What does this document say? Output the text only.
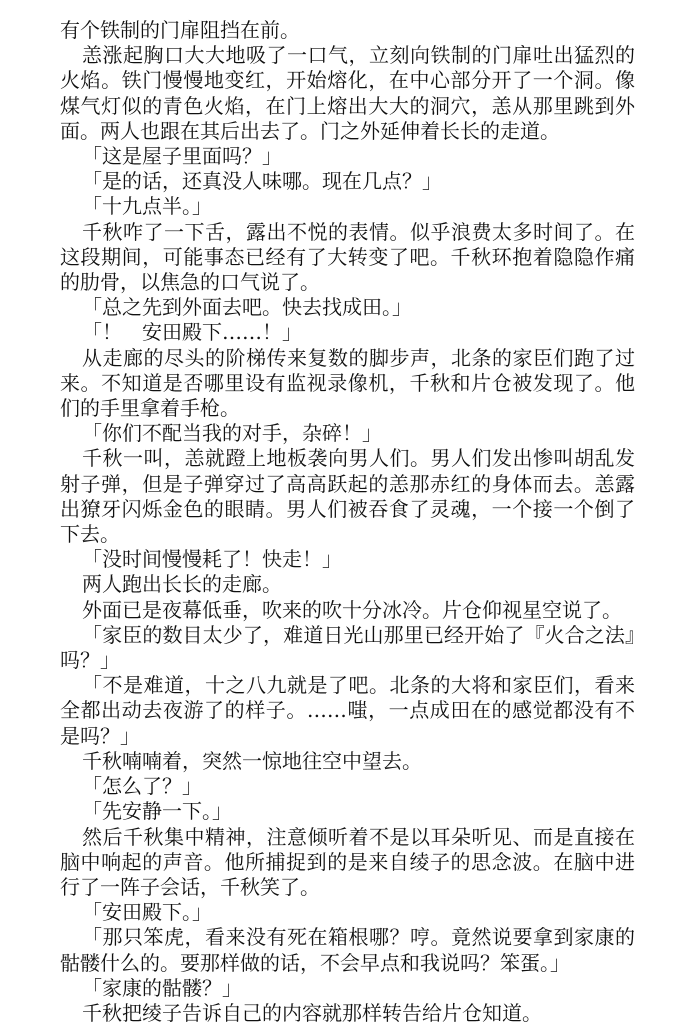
有个铁制的门扉阻挡在前。

恙涨起胸口大大地吸了一口气，立刻向铁制的门扉吐出猛烈的火焰。铁门慢慢地变红，开始熔化，在中心部分开了一个洞。像煤气灯似的青色火焰，在门上熔出大大的洞穴，恙从那里跳到外面。两人也跟在其后出去了。门之外延伸着长长的走道。

「这是屋子里面吗？」

「是的话，还真没人味哪。现在几点？」

「十九点半。」

千秋咋了一下舌，露出不悦的表情。似乎浪费太多时间了。在这段期间，可能事态已经有了大转变了吧。千秋环抱着隐隐作痛的肋骨，以焦急的口气说了。

「总之先到外面去吧。快去找成田。」

「！　安田殿下……！」

从走廊的尽头的阶梯传来复数的脚步声，北条的家臣们跑了过来。不知道是否哪里设有监视录像机，千秋和片仓被发现了。他们的手里拿着手枪。

「你们不配当我的对手，杂碎！」

千秋一叫，恙就蹬上地板袭向男人们。男人们发出惨叫胡乱发射子弹，但是子弹穿过了高高跃起的恙那赤红的身体而去。恙露出獠牙闪烁金色的眼睛。男人们被吞食了灵魂，一个接一个倒了下去。

「没时间慢慢耗了！快走！」

两人跑出长长的走廊。

外面已是夜幕低垂，吹来的吹十分冰冷。片仓仰视星空说了。

「家臣的数目太少了，难道日光山那里已经开始了『火合之法』吗？」

「不是难道，十之八九就是了吧。北条的大将和家臣们，看来全都出动去夜游了的样子。……嗤，一点成田在的感觉都没有不是吗？」

千秋喃喃着，突然一惊地往空中望去。

「怎么了？」

「先安静一下。」

然后千秋集中精神，注意倾听着不是以耳朵听见、而是直接在脑中响起的声音。他所捕捉到的是来自绫子的思念波。在脑中进行了一阵子会话，千秋笑了。

「安田殿下。」

「那只笨虎，看来没有死在箱根哪？哼。竟然说要拿到家康的骷髅什么的。要那样做的话，不会早点和我说吗？笨蛋。」

「家康的骷髅？」

千秋把绫子告诉自己的内容就那样转告给片仓知道。
